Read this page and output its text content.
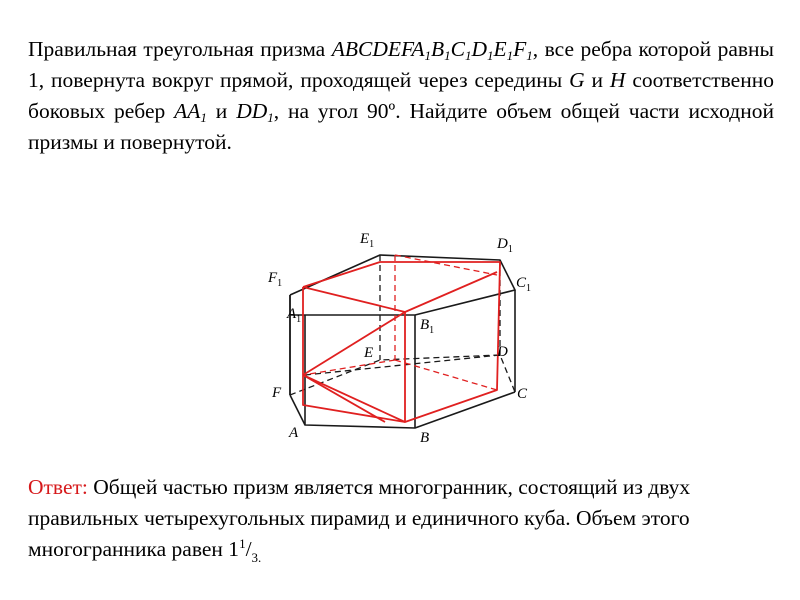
Правильная треугольная призма $ABCDEFA_1B_1C_1D_1E_1F_1$, все ребра которой равны 1, повернута вокруг прямой, проходящей через середины G и H соответственно боковых ребер $AA_1$ и $DD_1$, на угол 90º. Найдите объем общей части исходной призмы и повернутой.

$E_1$	$D_1$
$F_1$	$C_1$
$A_1$	$B_1$
E	D
F	C
A	B

Ответ: Общей частью призм является многогранник, состоящий из двух правильных четырехугольных пирамид и единичного куба. Объем этого многогранника равен $1^1/_{3.}$
